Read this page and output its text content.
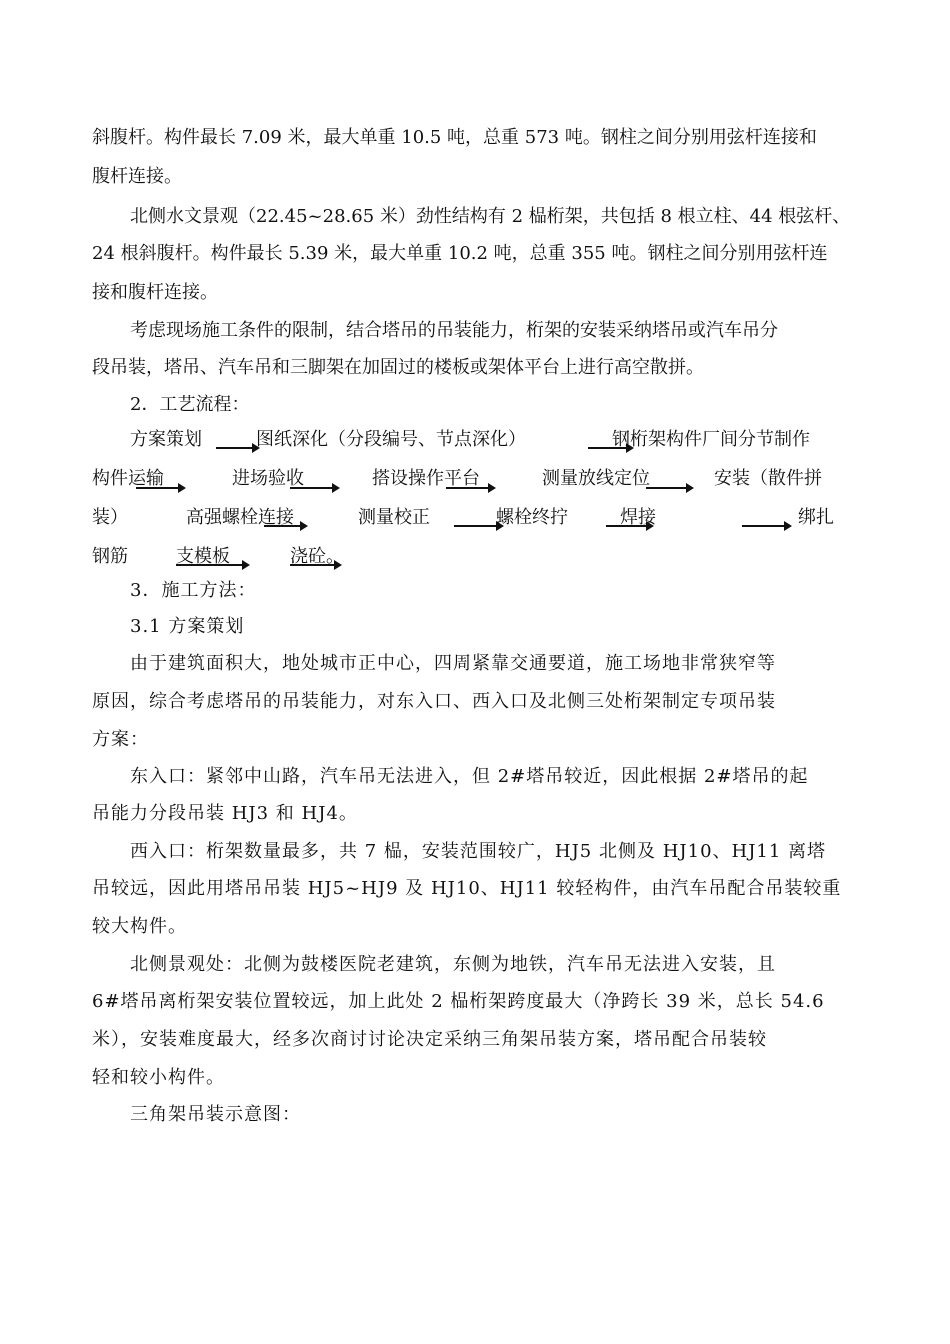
斜腹杆。构件最长 7.09 米，最大单重 10.5 吨，总重 573 吨。钢柱之间分别用弦杆连接和
腹杆连接。
北侧水文景观（22.45~28.65 米）劲性结构有 2 榀桁架，共包括 8 根立柱、44 根弦杆、
24 根斜腹杆。构件最长 5.39 米，最大单重 10.2 吨，总重 355 吨。钢柱之间分别用弦杆连
接和腹杆连接。
考虑现场施工条件的限制，结合塔吊的吊装能力，桁架的安装采纳塔吊或汽车吊分
段吊装，塔吊、汽车吊和三脚架在加固过的楼板或架体平台上进行高空散拼。
2．工艺流程：
方案策划	图纸深化（分段编号、节点深化）	钢桁架构件厂间分节制作
构件运输	进场验收	搭设操作平台	测量放线定位	安装（散件拼
装）	高强螺栓连接	测量校正	螺栓终拧	焊接	绑扎
钢筋	支模板	浇砼。
3．施工方法：
3.1 方案策划
由于建筑面积大，地处城市正中心，四周紧靠交通要道，施工场地非常狭窄等
原因，综合考虑塔吊的吊装能力，对东入口、西入口及北侧三处桁架制定专项吊装
方案：
东入口：紧邻中山路，汽车吊无法进入，但 2#塔吊较近，因此根据 2#塔吊的起
吊能力分段吊装 HJ3 和 HJ4。
西入口：桁架数量最多，共 7 榀，安装范围较广，HJ5 北侧及 HJ10、HJ11 离塔
吊较远，因此用塔吊吊装 HJ5~HJ9 及 HJ10、HJ11 较轻构件，由汽车吊配合吊装较重
较大构件。
北侧景观处：北侧为鼓楼医院老建筑，东侧为地铁，汽车吊无法进入安装，且
6#塔吊离桁架安装位置较远，加上此处 2 榀桁架跨度最大（净跨长 39 米，总长 54.6
米），安装难度最大，经多次商讨讨论决定采纳三角架吊装方案，塔吊配合吊装较
轻和较小构件。
三角架吊装示意图：
